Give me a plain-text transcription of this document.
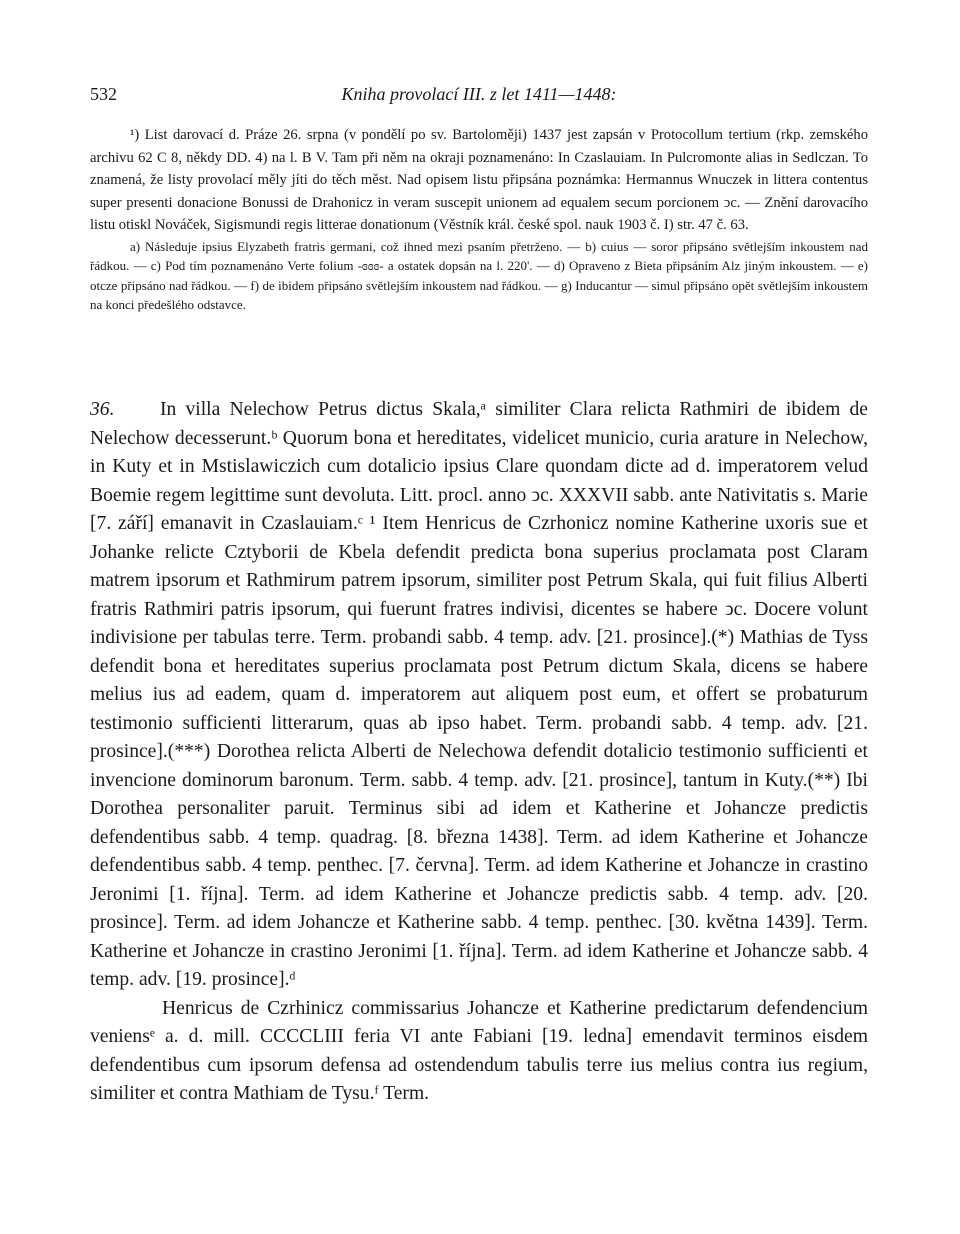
532	Kniha provolací III. z let 1411—1448:

¹) List darovací d. Práze 26. srpna (v pondělí po sv. Bartoloměji) 1437 jest zapsán v Protocollum tertium (rkp. zemského archivu 62 C 8, někdy DD. 4) na l. B V. Tam při něm na okraji poznamenáno: In Czaslauiam. In Pulcromonte alias in Sedlczan. To znamená, že listy provolací měly jíti do těch měst. Nad opisem listu připsána poznámka: Hermannus Wnuczek in littera contentus super presenti donacione Bonussi de Drahonicz in veram suscepit unionem ad equalem secum porcionem ↄc. — Znění darovacího listu otiskl Nováček, Sigismundi regis litterae donationum (Věstník král. české spol. nauk 1903 č. I) str. 47 č. 63.

a) Následuje ipsius Elyzabeth fratris germani, což ihned mezi psaním přetrženo. — b) cuius — soror připsáno světlejším inkoustem nad řádkou. — c) Pod tím poznamenáno Verte folium -ɞɞɞ- a ostatek dopsán na l. 220'. — d) Opraveno z Bieta připsáním Alz jiným inkoustem. — e) otcze připsáno nad řádkou. — f) de ibidem připsáno světlejším inkoustem nad řádkou. — g) Inducantur — simul připsáno opět světlejším inkoustem na konci předešlého odstavce.

36. In villa Nelechow Petrus dictus Skala,ᵃ similiter Clara relicta Rathmiri de ibidem de Nelechow decesserunt.ᵇ Quorum bona et hereditates, videlicet municio, curia arature in Nelechow, in Kuty et in Mstislawiczich cum dotalicio ipsius Clare quondam dicte ad d. imperatorem velud Boemie regem legittime sunt devoluta. Litt. procl. anno ↄc. XXXVII sabb. ante Nativitatis s. Marie [7. září] emanavit in Czaslauiam.ᶜ ¹ Item Henricus de Czrhonicz nomine Katherine uxoris sue et Johanke relicte Cztyborii de Kbela defendit predicta bona superius proclamata post Claram matrem ipsorum et Rathmirum patrem ipsorum, similiter post Petrum Skala, qui fuit filius Alberti fratris Rathmiri patris ipsorum, qui fuerunt fratres indivisi, dicentes se habere ↄc. Docere volunt indivisione per tabulas terre. Term. probandi sabb. 4 temp. adv. [21. prosince].(*) Mathias de Tyss defendit bona et hereditates superius proclamata post Petrum dictum Skala, dicens se habere melius ius ad eadem, quam d. imperatorem aut aliquem post eum, et offert se probaturum testimonio sufficienti litterarum, quas ab ipso habet. Term. probandi sabb. 4 temp. adv. [21. prosince].(***) Dorothea relicta Alberti de Nelechowa defendit dotalicio testimonio sufficienti et invencione dominorum baronum. Term. sabb. 4 temp. adv. [21. prosince], tantum in Kuty.(**) Ibi Dorothea personaliter paruit. Terminus sibi ad idem et Katherine et Johancze predictis defendentibus sabb. 4 temp. quadrag. [8. března 1438]. Term. ad idem Katherine et Johancze defendentibus sabb. 4 temp. penthec. [7. června]. Term. ad idem Katherine et Johancze in crastino Jeronimi [1. října]. Term. ad idem Katherine et Johancze predictis sabb. 4 temp. adv. [20. prosince]. Term. ad idem Johancze et Katherine sabb. 4 temp. penthec. [30. května 1439]. Term. Katherine et Johancze in crastino Jeronimi [1. října]. Term. ad idem Katherine et Johancze sabb. 4 temp. adv. [19. prosince].ᵈ

Henricus de Czrhinicz commissarius Johancze et Katherine predictarum defendencium veniensᵉ a. d. mill. CCCCLIII feria VI ante Fabiani [19. ledna] emendavit terminos eisdem defendentibus cum ipsorum defensa ad ostendendum tabulis terre ius melius contra ius regium, similiter et contra Mathiam de Tysu.ᶠ Term.
